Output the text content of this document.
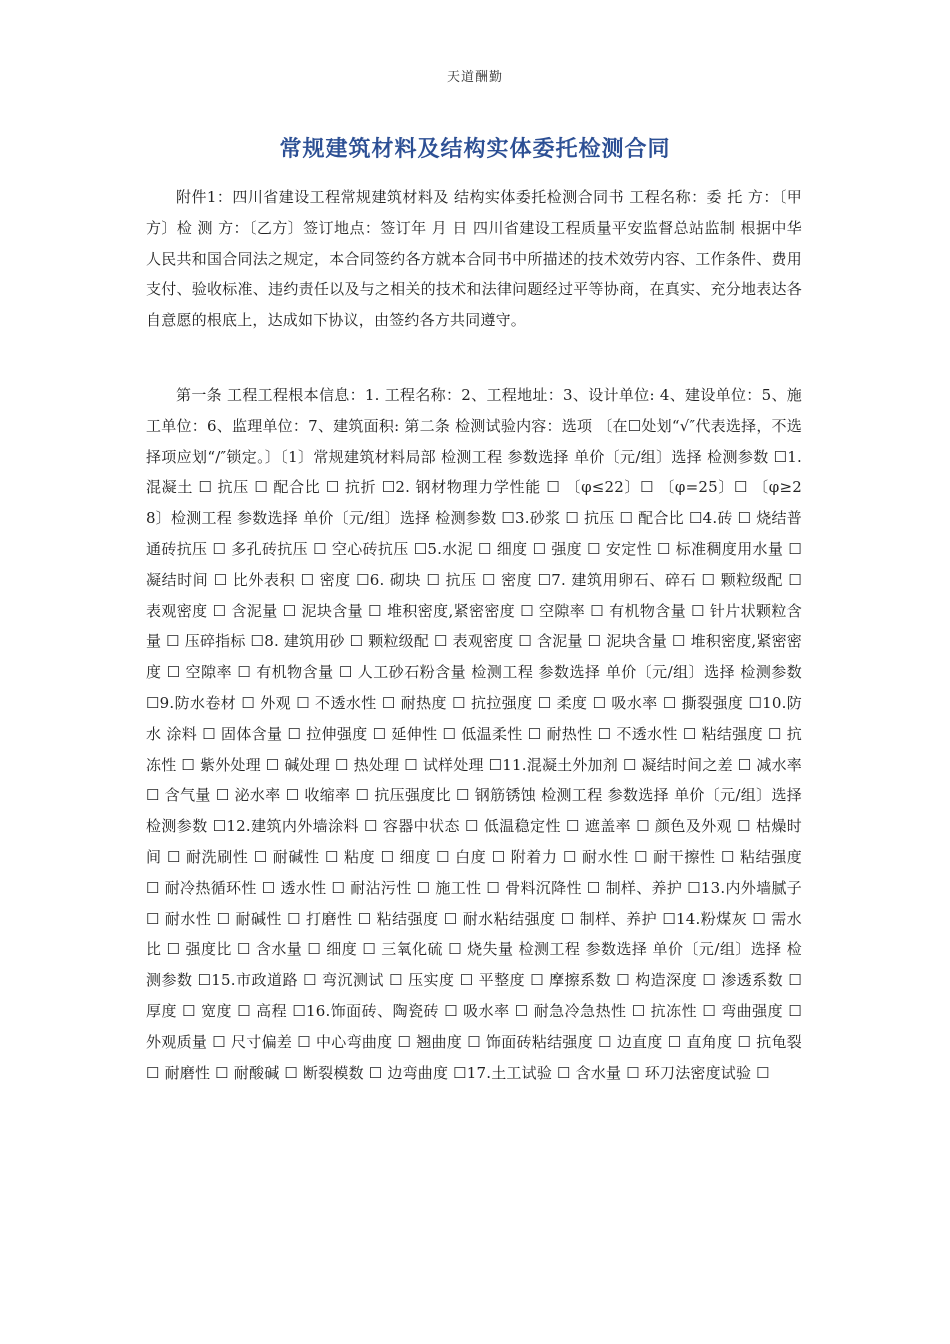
天道酬勤
常规建筑材料及结构实体委托检测合同

附件1：四川省建设工程常规建筑材料及 结构实体委托检测合同书 工程名称：委 托 方：〔甲方〕检 测 方：〔乙方〕签订地点：签订年 月 日 四川省建设工程质量平安监督总站监制 根据中华人民共和国合同法之规定，本合同签约各方就本合同书中所描述的技术效劳内容、工作条件、费用支付、验收标准、违约责任以及与之相关的技术和法律问题经过平等协商，在真实、充分地表达各自意愿的根底上，达成如下协议，由签约各方共同遵守。

第一条 工程工程根本信息：1. 工程名称：2、工程地址：3、设计单位: 4、建设单位：5、施工单位：6、监理单位：7、建筑面积: 第二条 检测试验内容：选项 〔在☐处划“√″代表选择，不选择项应划“/″锁定。〕〔1〕常规建筑材料局部 检测工程 参数选择 单价〔元/组〕选择 检测参数 ☐1.混凝土 ☐ 抗压 ☐ 配合比 ☐ 抗折 ☐2. 钢材物理力学性能 ☐ 〔φ≤22〕☐ 〔φ=25〕☐ 〔φ≥28〕检测工程 参数选择 单价〔元/组〕选择 检测参数 ☐3.砂浆 ☐ 抗压 ☐ 配合比 ☐4.砖 ☐ 烧结普通砖抗压 ☐ 多孔砖抗压 ☐ 空心砖抗压 ☐5.水泥 ☐ 细度 ☐ 强度 ☐ 安定性 ☐ 标准稠度用水量 ☐ 凝结时间 ☐ 比外表积 ☐ 密度 ☐6. 砌块 ☐ 抗压 ☐ 密度 ☐7. 建筑用卵石、碎石 ☐ 颗粒级配 ☐ 表观密度 ☐ 含泥量 ☐ 泥块含量 ☐ 堆积密度,紧密密度 ☐ 空隙率 ☐ 有机物含量 ☐ 针片状颗粒含量 ☐ 压碎指标 ☐8. 建筑用砂 ☐ 颗粒级配 ☐ 表观密度 ☐ 含泥量 ☐ 泥块含量 ☐ 堆积密度,紧密密度 ☐ 空隙率 ☐ 有机物含量 ☐ 人工砂石粉含量 检测工程 参数选择 单价〔元/组〕选择 检测参数 ☐9.防水卷材 ☐ 外观 ☐ 不透水性 ☐ 耐热度 ☐ 抗拉强度 ☐ 柔度 ☐ 吸水率 ☐ 撕裂强度 ☐10.防水 涂料 ☐ 固体含量 ☐ 拉伸强度 ☐ 延伸性 ☐ 低温柔性 ☐ 耐热性 ☐ 不透水性 ☐ 粘结强度 ☐ 抗冻性 ☐ 紫外处理 ☐ 碱处理 ☐ 热处理 ☐ 试样处理 ☐11.混凝土外加剂 ☐ 凝结时间之差 ☐ 减水率 ☐ 含气量 ☐ 泌水率 ☐ 收缩率 ☐ 抗压强度比 ☐ 钢筋锈蚀 检测工程 参数选择 单价〔元/组〕选择 检测参数 ☐12.建筑内外墙涂料 ☐ 容器中状态 ☐ 低温稳定性 ☐ 遮盖率 ☐ 颜色及外观 ☐ 枯燥时间 ☐ 耐洗刷性 ☐ 耐碱性 ☐ 粘度 ☐ 细度 ☐ 白度 ☐ 附着力 ☐ 耐水性 ☐ 耐干擦性 ☐ 粘结强度 ☐ 耐冷热循环性 ☐ 透水性 ☐ 耐沾污性 ☐ 施工性 ☐ 骨料沉降性 ☐ 制样、养护 ☐13.内外墙腻子 ☐ 耐水性 ☐ 耐碱性 ☐ 打磨性 ☐ 粘结强度 ☐ 耐水粘结强度 ☐ 制样、养护 ☐14.粉煤灰 ☐ 需水比 ☐ 强度比 ☐ 含水量 ☐ 细度 ☐ 三氧化硫 ☐ 烧失量 检测工程 参数选择 单价〔元/组〕选择 检测参数 ☐15.市政道路 ☐ 弯沉测试 ☐ 压实度 ☐ 平整度 ☐ 摩擦系数 ☐ 构造深度 ☐ 渗透系数 ☐ 厚度 ☐ 宽度 ☐ 高程 ☐16.饰面砖、陶瓷砖 ☐ 吸水率 ☐ 耐急冷急热性 ☐ 抗冻性 ☐ 弯曲强度 ☐ 外观质量 ☐ 尺寸偏差 ☐ 中心弯曲度 ☐ 翘曲度 ☐ 饰面砖粘结强度 ☐ 边直度 ☐ 直角度 ☐ 抗龟裂 ☐ 耐磨性 ☐ 耐酸碱 ☐ 断裂模数 ☐ 边弯曲度 ☐17.土工试验 ☐ 含水量 ☐ 环刀法密度试验 ☐
